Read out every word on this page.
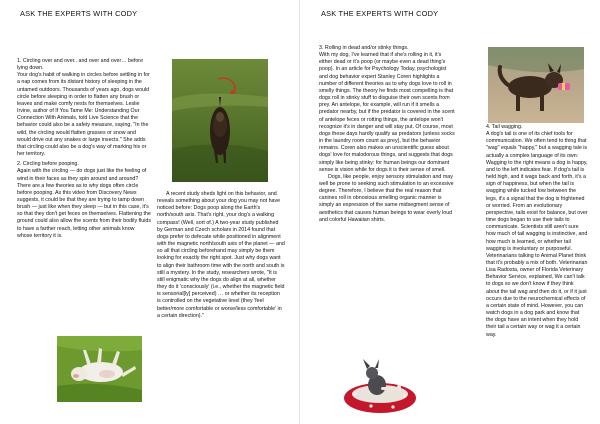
ASK THE EXPERTS WITH CODY

1. Circling over and over.. and over and over… before lying down.

Your dog's habit of walking in circles before settling in for a nap comes from its distant history of sleeping in the untamed outdoors. Thousands of years ago, dogs would circle before sleeping in order to flatten any brush or leaves and make comfy nests for themselves. Leslie Irvine, author of If You Tame Me: Understanding Our Connection With Animals, told Live Science that the behavior could also be a safety measure, saying, "In the wild, the circling would flatten grasses or snow and would drive out any snakes or large insects." She adds that circling could also be a dog's way of marking his or her territory.

2. Circling before pooping.

Again with the circling — do dogs just like the feeling of wind in their faces as they spin around and around? There are a few theories as to why dogs often circle before pooping. As this video from Discovery News suggests, it could be that they are trying to tamp down brush — just like when they sleep — but in this case, it's so that they don't get feces on themselves. Flattening the ground could also allow the scents from their bodily fluids to have a farther reach, letting other animals know whose territory it is.

A recent study sheds light on this behavior, and reveals something about your dog you may not have noticed before: Dogs poop along the Earth's north/south axis. That's right, your dog's a walking compass! (Well, sort of.) A two-year study published by German and Czech scholars in 2014 found that dogs prefer to defecate while positioned in alignment with the magnetic north/south axis of the planet — and so all that circling beforehand may simply be them looking for exactly the right spot. Just why dogs want to align their bathroom time with the north and south is still a mystery. In the study, researchers wrote, "It is still enigmatic why the dogs do align at all, whether they do it 'consciously' (i.e., whether the magnetic field is sensorial[ly] perceived) … or whether its reception is controlled on the vegetative level (they 'feel better/more comfortable or worse/less comfortable' in a certain direction)."

ASK THE EXPERTS WITH CODY

3. Rolling in dead and/or stinky things.

With my dog, I've learned that if she's rolling in it, it's either dead or it's poop (or maybe even a dead thing's poop). In an article for Psychology Today, psychologist and dog behavior expert Stanley Coren highlights a number of different theories as to why dogs love to roll in smelly things. The theory he finds most compelling is that dogs roll in stinky stuff to disguise their own scents from prey. An antelope, for example, will run if it smells a predator nearby, but if the predator is covered in the scent of antelope feces or rotting things, the antelope won't recognize it's in danger and will stay put. Of course, most dogs these days hardly qualify as predators (unless socks in the laundry room count as prey), but the behavior remains. Coren also makes an unscientific guess about dogs' love for malodorous things, and suggests that dogs simply like being stinky: for human beings our dominant sense is vision while for dogs it is their sense of smell.

Dogs, like people, enjoy sensory stimulation and may well be prone to seeking such stimulation to an excessive degree. Therefore, I believe that the real reason that canines roll in obnoxious smelling organic manner is simply an expression of the same midsegment sense of aesthetics that causes human beings to wear overly loud and colorful Hawaiian shirts.

4. Tail wagging.

A dog's tail is one of its chief tools for communication. We often tend to thing that "wag" equals "happy," but a wagging tale is actually a complex language of its own: Wagging to the right means a dog is happy, and to the left indicates fear. If dog's tail is held high, and it wags back and forth, it's a sign of happiness, but when the tail is wagging while tucked low between the legs, it's a signal that the dog is frightened or worried. From an evolutionary perspective, tails exist for balance, but over time dogs began to use their tails to communicate. Scientists still aren't sure how much of tail wagging is instinctive, and how much is learned, or whether tail wagging is involuntary or purposeful. Veterinarians talking to Animal Planet think that it's probably a mix of both. Veterinarian Lisa Radosta, owner of Florida Veterinary Behavior Service, explained, We can't talk to dogs so we don't know if they think about the tail wag and then do it, or if it just occurs due to the neurochemical effects of a certain state of mind. However, you can watch dogs in a dog park and know that the dogs have an intent when they hold their tail a certain way or wag it a certain way.
